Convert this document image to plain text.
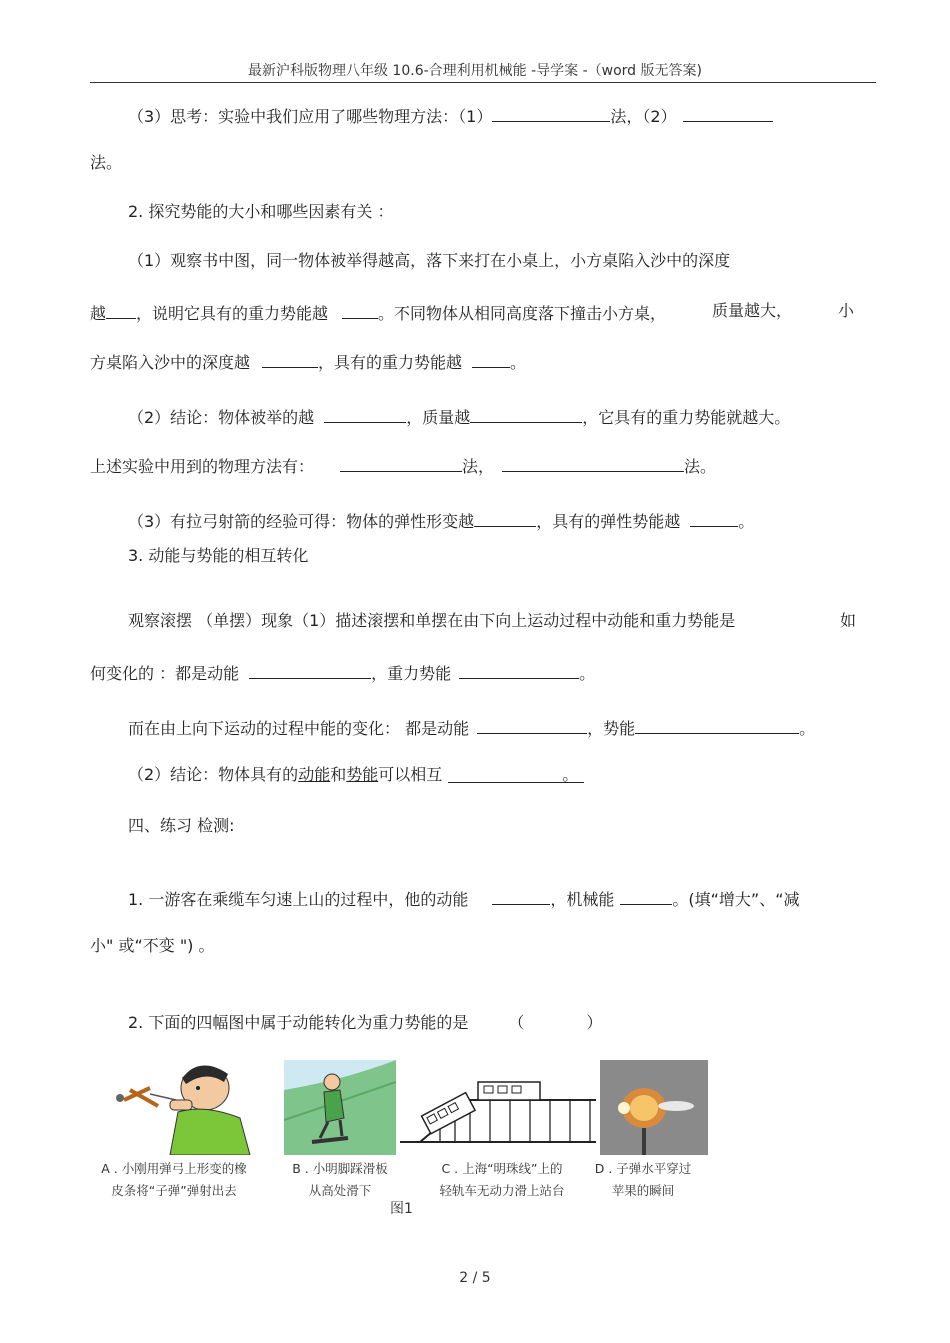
最新沪科版物理八年级 10.6-合理利用机械能 -导学案 -（word 版无答案)
（3）思考：实验中我们应用了哪些物理方法：（1）	法，（2）
法。
2. 探究势能的大小和哪些因素有关 ：
（1）观察书中图，同一物体被举得越高，落下来打在小桌上，小方桌陷入沙中的深度
越 ，说明它具有的重力势能越	。不同物体从相同高度落下撞击小方桌，	质量越大，	小
方桌陷入沙中的深度越	，具有的重力势能越	。
（2）结论：物体被举的越	，质量越	，它具有的重力势能就越大。
上述实验中用到的物理方法有：	法，	法。
（3）有拉弓射箭的经验可得：物体的弹性形变越	，具有的弹性势能越	。
3. 动能与势能的相互转化
观察滚摆 （单摆）现象（1）描述滚摆和单摆在由下向上运动过程中动能和重力势能是	如
何变化的 ：都是动能	，重力势能	。
而在由上向下运动的过程中能的变化： 都是动能	，势能	。
（2）结论：物体具有的动能和势能可以相互	。
四、练习 检测:
1. 一游客在乘缆车匀速上山的过程中，他的动能	，机械能	。(填“增大”、“减
小" 或“不变 ") 。
2. 下面的四幅图中属于动能转化为重力势能的是	（	）
A . 小刚用弹弓上形变的橡
皮条将“子弹”弹射出去
B . 小明脚踩滑板
从高处滑下
C . 上海“明珠线”上的
轻轨车无动力滑上站台
D . 子弹水平穿过
苹果的瞬间
图1
2 / 5
